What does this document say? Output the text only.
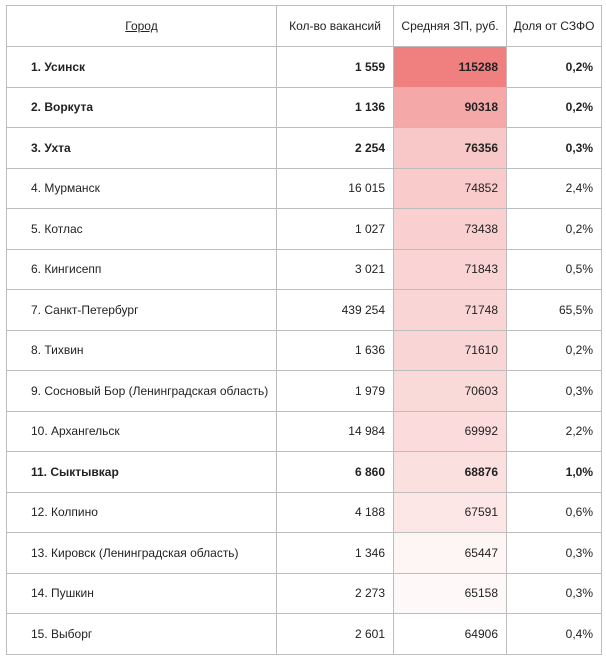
Город	Кол-во вакансий	Средняя ЗП, руб.	Доля от СЗФО
1. Усинск	1 559	115288	0,2%
2. Воркута	1 136	90318	0,2%
3. Ухта	2 254	76356	0,3%
4. Мурманск	16 015	74852	2,4%
5. Котлас	1 027	73438	0,2%
6. Кингисепп	3 021	71843	0,5%
7. Санкт-Петербург	439 254	71748	65,5%
8. Тихвин	1 636	71610	0,2%
9. Сосновый Бор (Ленинградская область)	1 979	70603	0,3%
10. Архангельск	14 984	69992	2,2%
11. Сыктывкар	6 860	68876	1,0%
12. Колпино	4 188	67591	0,6%
13. Кировск (Ленинградская область)	1 346	65447	0,3%
14. Пушкин	2 273	65158	0,3%
15. Выборг	2 601	64906	0,4%
